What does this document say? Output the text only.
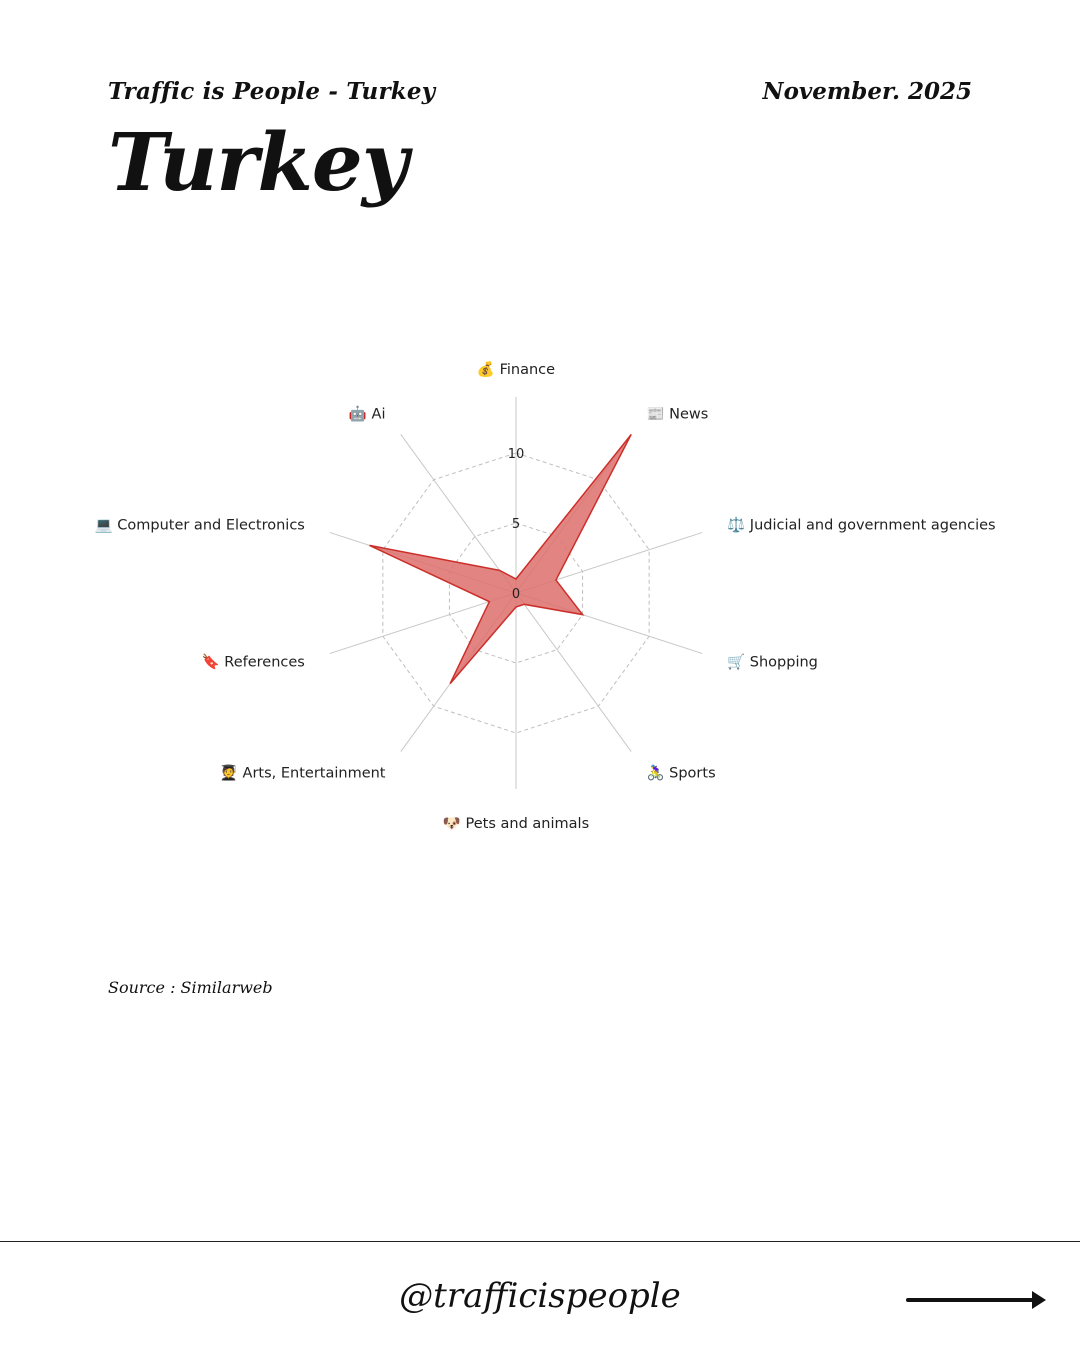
Traffic is People - Turkey	November. 2025
Turkey
0
5
10
💰 Finance
📰 News
⚖️ Judicial and government agencies
🛒 Shopping
🚴‍♀️ Sports
🐶 Pets and animals
🧑‍🎓 Arts, Entertainment
🔖 References
💻 Computer and Electronics
🤖 Ai
Source : Similarweb
@trafficispeople
